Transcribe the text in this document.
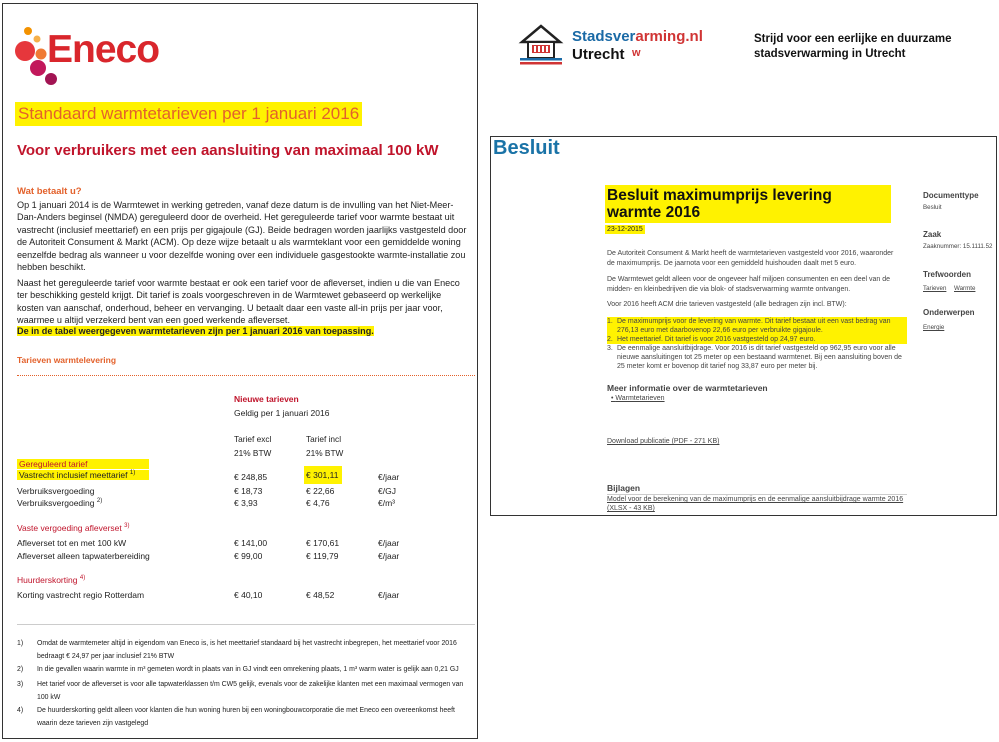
Eneco
Standaard warmtetarieven per 1 januari 2016
Voor verbruikers met een aansluiting van maximaal 100 kW
Wat betaalt u?
Op 1 januari 2014 is de Warmtewet in werking getreden, vanaf deze datum is de invulling van het Niet-Meer-Dan-Anders beginsel (NMDA) gereguleerd door de overheid. Het gereguleerde tarief voor warmte bestaat uit vastrecht (inclusief meettarief) en een prijs per gigajoule (GJ). Beide bedragen worden jaarlijks vastgesteld door de Autoriteit Consument & Markt (ACM). Op deze wijze betaalt u als warmteklant voor een gemiddelde woning eenzelfde bedrag als wanneer u voor dezelfde woning over een individuele gasgestookte warmte-installatie zou hebben beschikt.
Naast het gereguleerde tarief voor warmte bestaat er ook een tarief voor de afleverset, indien u die van Eneco ter beschikking gesteld krijgt. Dit tarief is zoals voorgeschreven in de Warmtewet gebaseerd op werkelijke kosten van aanschaf, onderhoud, beheer en vervanging. U betaalt daar een vaste all-in prijs per jaar voor, waarmee u altijd verzekerd bent van een goed werkende afleverset.
De in de tabel weergegeven warmtetarieven zijn per 1 januari 2016 van toepassing.
Tarieven warmtelevering
Nieuwe tarieven
Geldig per 1 januari 2016
Tarief excl
21% BTW
Tarief incl
21% BTW
Gereguleerd tarief
Vastrecht inclusief meettarief $^{1)}$	€ 248,85	€ 301,11	€/jaar
Verbruiksvergoeding	€ 18,73	€ 22,66	€/GJ
Verbruiksvergoeding $^{2)}$	€ 3,93	€ 4,76	€/m³
Vaste vergoeding afleverset $^{3)}$
Afleverset tot en met 100 kW	€ 141,00	€ 170,61	€/jaar
Afleverset alleen tapwaterbereiding	€ 99,00	€ 119,79	€/jaar
Huurderskorting $^{4)}$
Korting vastrecht regio Rotterdam	€ 40,10	€ 48,52	€/jaar
1) Omdat de warmtemeter altijd in eigendom van Eneco is, is het meettarief standaard bij het vastrecht inbegrepen, het meettarief voor 2016 bedraagt € 24,97 per jaar inclusief 21% BTW
2) In die gevallen waarin warmte in m³ gemeten wordt in plaats van in GJ vindt een omrekening plaats, 1 m³ warm water is gelijk aan 0,21 GJ
3) Het tarief voor de afleverset is voor alle tapwaterklassen t/m CW5 gelijk, evenals voor de zakelijke klanten met een maximaal vermogen van 100 kW
4) De huurderskorting geldt alleen voor klanten die hun woning huren bij een woningbouwcorporatie die met Eneco een overeenkomst heeft waarin deze tarieven zijn vastgelegd
Stadsverarming.nl
Utrecht w
Strijd voor een eerlijke en duurzame stadsverwarming in Utrecht
Besluit
Besluit maximumprijs levering warmte 2016
23-12-2015
De Autoriteit Consument & Markt heeft de warmtetarieven vastgesteld voor 2016, waaronder de maximumprijs. De jaarnota voor een gemiddeld huishouden daalt met 5 euro.
De Warmtewet geldt alleen voor de ongeveer half miljoen consumenten en een deel van de midden- en kleinbedrijven die via blok- of stadsverwarming warmte ontvangen.
Voor 2016 heeft ACM drie tarieven vastgesteld (alle bedragen zijn incl. BTW):
1. De maximumprijs voor de levering van warmte. Dit tarief bestaat uit een vast bedrag van 276,13 euro met daarbovenop 22,66 euro per verbruikte gigajoule.
2. Het meettarief. Dit tarief is voor 2016 vastgesteld op 24,97 euro.
3. De eenmalige aansluitbijdrage. Voor 2016 is dit tarief vastgesteld op 962,95 euro voor alle nieuwe aansluitingen tot 25 meter op een bestaand warmtenet. Bij een aansluiting boven de 25 meter komt er bovenop dit tarief nog 33,87 euro per meter bij.
Meer informatie over de warmtetarieven
• Warmtetarieven
Download publicatie (PDF - 271 KB)
Bijlagen
Model voor de berekening van de maximumprijs en de eenmalige aansluitbijdrage warmte 2016 (XLSX - 43 KB)
Documenttype
Besluit
Zaak
Zaaknummer: 15.1111.52
Trefwoorden
Tarieven Warmte
Onderwerpen
Energie
